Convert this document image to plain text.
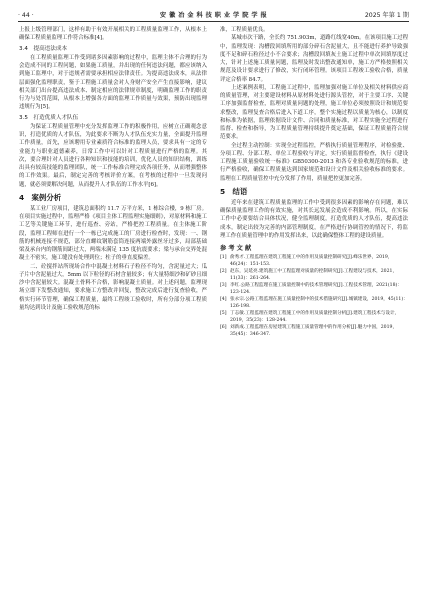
· 44 ·	安 徽 冶 金 科 技 职 业 学 院 学 报	2025 年第 1 期

上报上级管理部门，这样有助于有效开展相关的工程质量监理工作，从根本上确保工程质量监理工作符合标准[4]。

3.4　提高违法成本

在工程质量监理工作受到诸多因素影响的过程中，监理主体不合理的行为会造成不同的工程问题，如果施工质量，并出现的任何违法问题，都应该纳入到施工监理中，对于违规者需要承担相应法律责任。为提高违法成本，从法律层面强化监理职责，鉴于工程施工质量会对人身财产安全产生直接影响，建议相关部门出台提高违法成本、制定相应的法律规章制度，明确监理工作的职责行为与处罚范围，从根本上增强各方面的监理工作质量与效果，预防出现监理违规行为[5]。

3.5　打造优质人才队伍

为保证工程质量管理中充分发挥监理工作的积极作用，应树立正确观念意识，打造优质的人才队伍，为此要求不断为人才队伍充实力量，全面提升监理工作质量，首先，应该聘用专业素质符合标准的监理人员，要求具有一定的专业能力与职业道德素养，日常工作中可以针对工程质量进行严格的监理。其次，要合理针对人员进行各种知识和技能的培训，优化人员的知识结构，训练出具有较高技能的监理团队，统一工作标准合理完成各项任务，从而增强整体的工作效果。最后，制定完善的考核评价方案，在考核的过程中一旦发现问题，就必须要解决问题，从而提升人才队伍的工作水平[6]。

4　案例分析

某工业厂房项目，建筑总面积约 11.7 万平方米，1 栋综合楼，9 栋厂房。在项目实施过程中，监理严格《项目主体工程监理实施细则》，对原材料和施工工艺等关键施工环节，进行巡查、旁站，严格把控工程质量。在主体施工阶段，监理工程师在进行一个一栋已完成施工的厂房进行检查时，发现：一、钢筋的机械连接不规范，部分直螺纹钢筋套筒连接两端外露丝牙过多，局部基础梁及承台内的钢筋间距过大，两端未满足 135 度抗震要求；梁与承台交界处混凝土不密实，施工缝没有处理到位；柱子的垂直度偏差。

二、砼搅拌站所现场合作中混凝土材料石子粒径不均匀，含泥量过大；瓜子片中含泥量过大，5mm 以下粒径的石材含量较多；有大量特细沙和矿砂且细沙中含泥量较大。混凝土骨料不合格，影响混凝土质量。对上述问题，监理现场立即下发整改通知，要求施工方整改并回复，整改完成后进行复查验收，严格实行环节管理，确保工程质量，最终工程竣工验收时，所有分部分项工程质量均达到设计及施工验收规范的标

准，工程质量优良。

某城市次干路，全长约 751.903m，道路红线宽40m。在该项目施工过程中，监理发现：沟槽段回填所用的部分碎石含泥量大，且不能进行养护导致强度不足和碎石粒径过小不合要求；沟槽段回填灰土施工过程中单次回填厚度过大，针对上述施工质量问题，监理及时发出整改通知单，施工方严格按照相关规范及设计要求进行了修改，实行闭环管理。该项目工程竣工验收合格，质量评定合格率 84.7。

上述案例表明，工程施工过程中，监理加强对施工单位及相关材料供应商的质量管理，对主要建设材料从原材料处进行源头管控，对于主要工序、关键工序加强监督检查，监理对质量问题的处理，施工单位必须按照设计和规范要求整改，监理复查合格后进入下道工序，整个实施过程以质量为核心，以制度和标准为依据，监理依据设计文件、合同和质量标准，对工程实施全过程进行监督、检查和指导，为工程质量管理持续提升奠定基础，保证工程质量符合规范要求。

全过程主动控制：实现全过程监控，严格执行质量管理程序，对检验批、分项工程、分部工程、单位工程验收与评定，实行质量监督检查，执行《建设工程施工质量验收统一标准》GB50300-2013 和各专业验收规范的标准，进行严格验收，确保工程质量达到国家规范和设计文件及相关验收标准的要求。监理在工程质量管控中充分发挥了作用，质量把控更加完善。

5　结语

近年来在建筑工程质量监理的工作中受到很多因素的影响存在问题，难以确保质量监理工作的有效实施，对其长远发展会造成不利影响。所以，在实际工作中必要要结合具体状况，健全监理制度，打造优质的人才队伍，提高违法成本，制定出较为完善的内部管理制度，在严格进行协调管控的情况下，将监理工作在质量管理中的作用发挥出来，以此确保整体工程的建设质量。

参 考 文 献

[1] 俞秀才.工程监理在建筑工程施工中的作用及质量控制研究[J].峰乐世界，2019，46(24)：151-153.

[2] 赵东，吴延亮.建筑施工中工程监理对质量的控制研究[J].工程建设与技术，2021，11(33)：261-264.

[3] 李红.公路工程监理在施工质量控制中的技术管理研究[J].工程技术管理，2021(18)：123-124.

[4] 张永宗.公路工程监理在施工质量控制中的技术措施研究[J].城镇建设，2019，45(11)：126-198.

[5] 丁志敏.工程监理在建筑工程施工中的作用及质量控制分析[J].建筑工程技术与设计，2019，35(23)：128-244.

[6] 刘新成.工程监理在房屋建筑工程施工质量管理中的作用分析[J].魅力中国，2019，35(45)：346-347.
